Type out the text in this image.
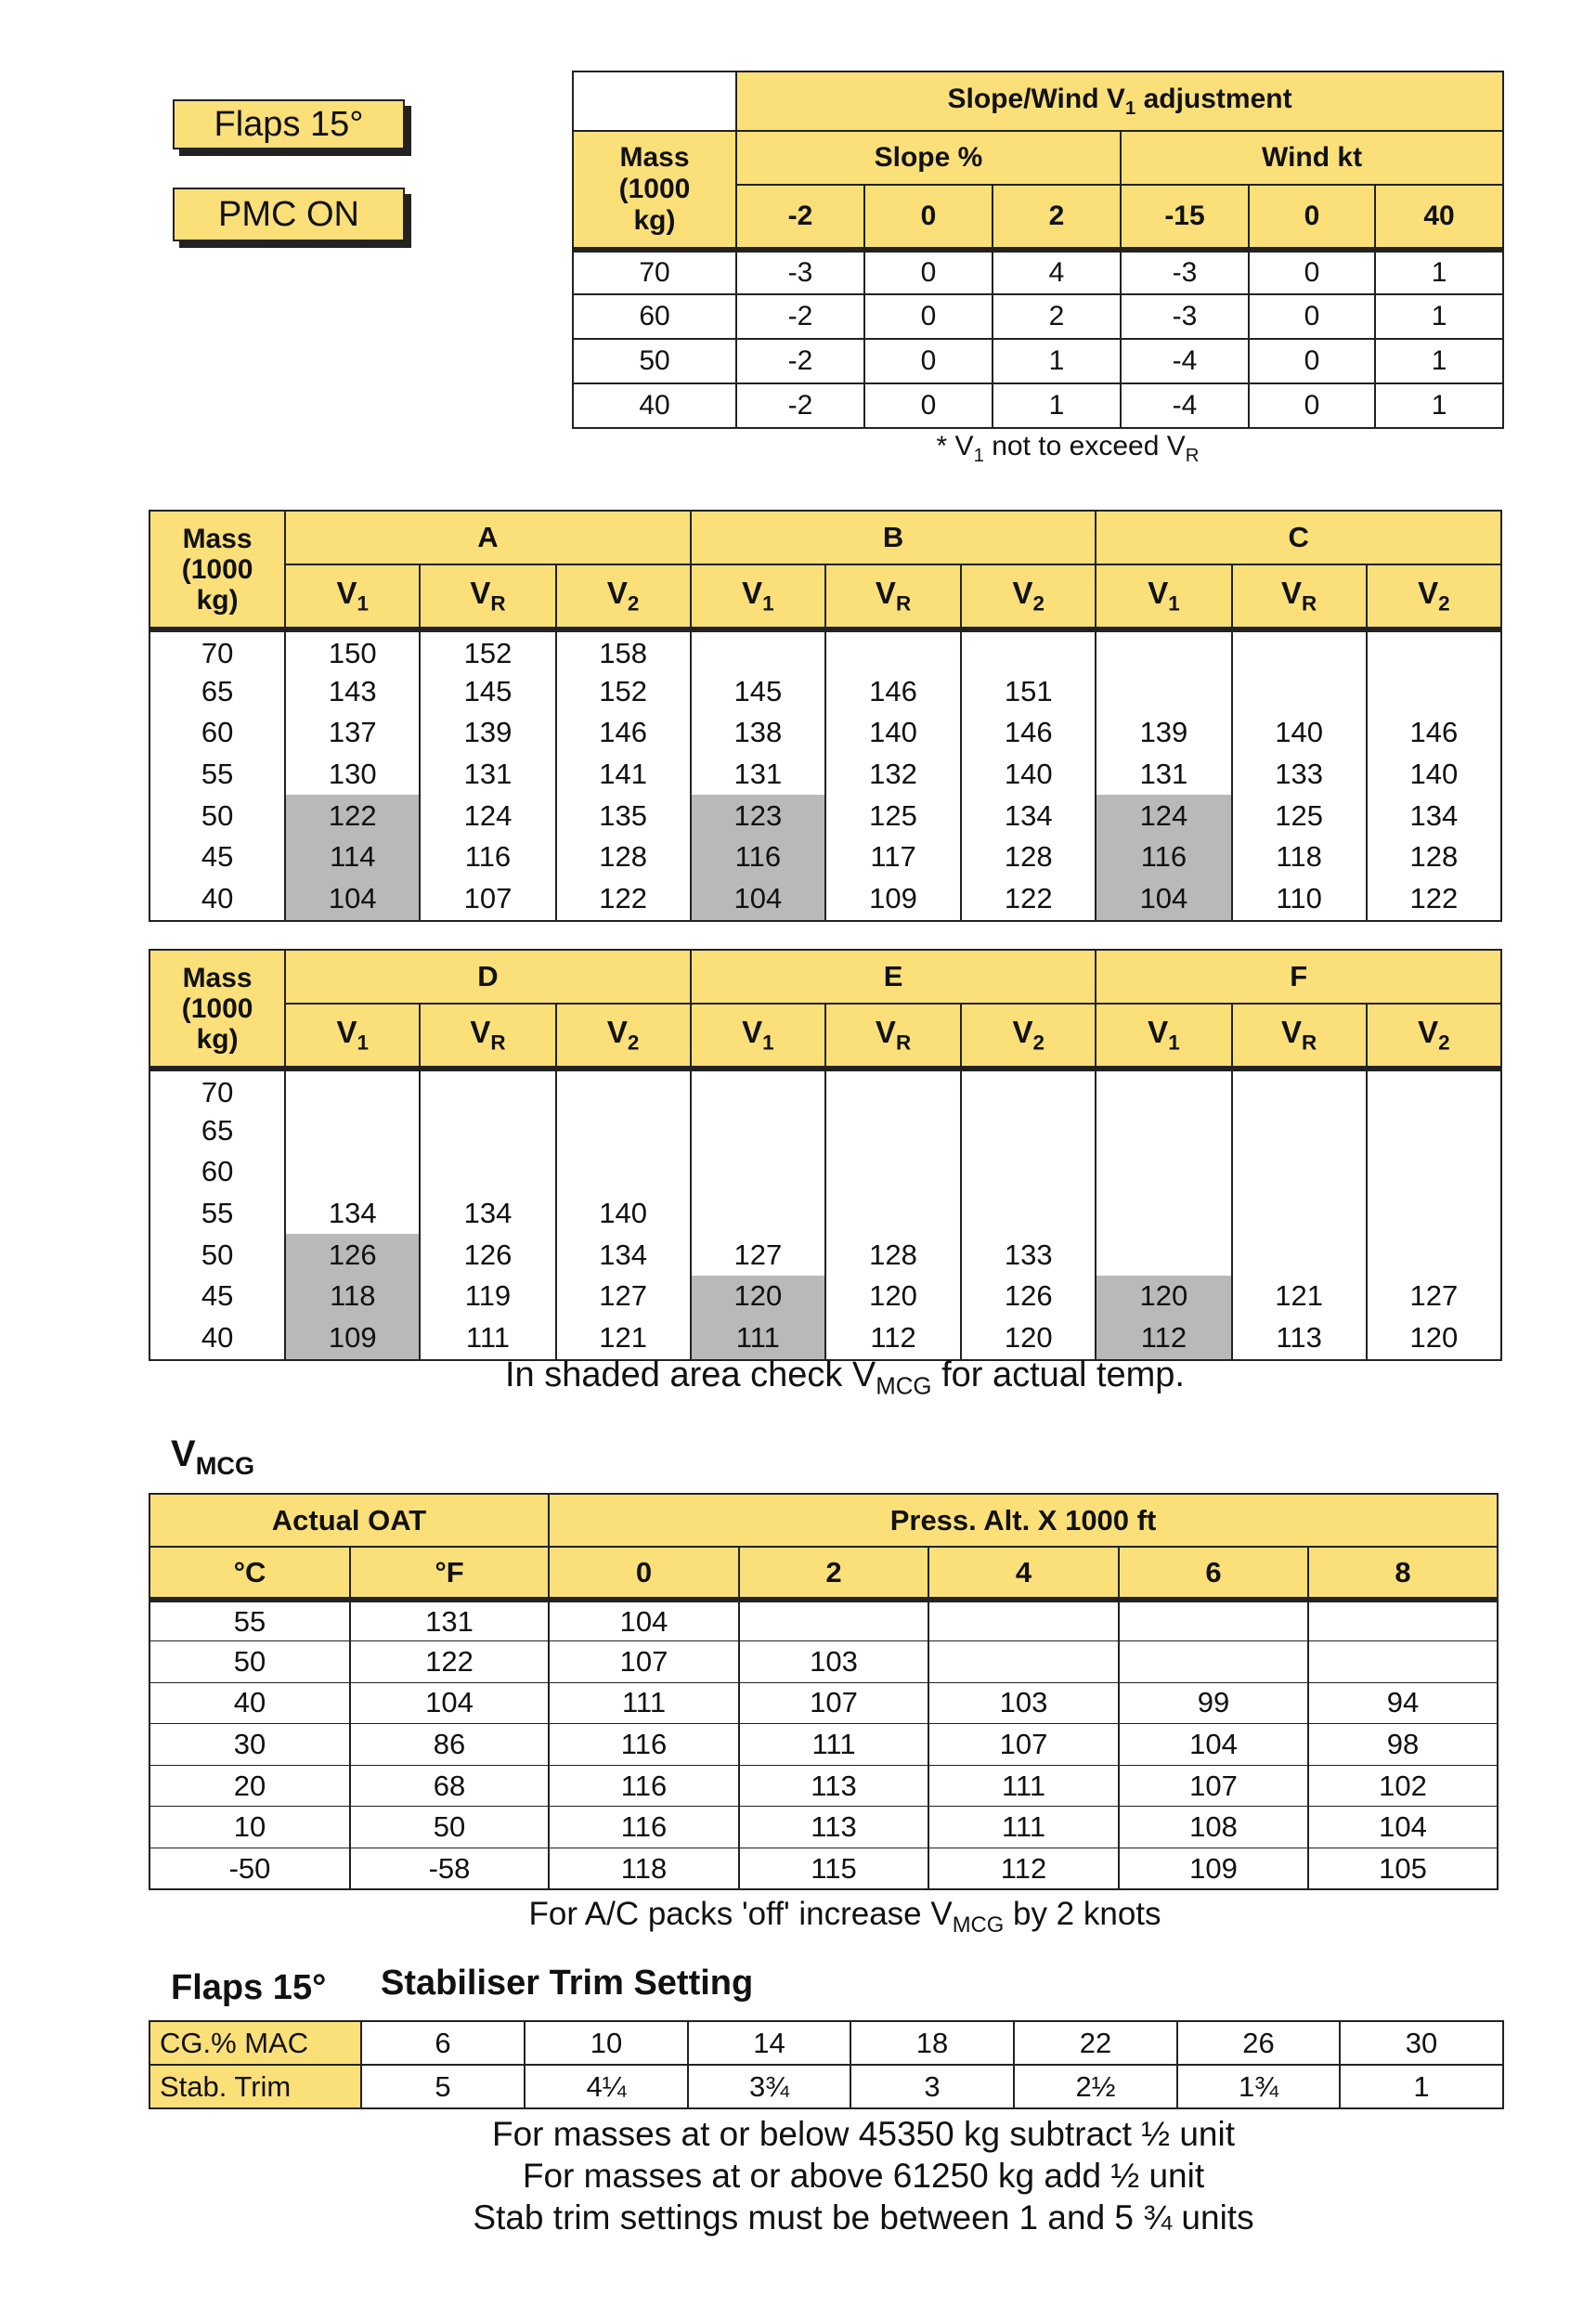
Flaps 15°
PMC ON
	Slope/Wind $V_1$ adjustment					

Mass
(1000
kg)	Slope %			Wind kt		
	-2	0	2	-15	0	40
70	-3	0	4	-3	0	1
60	-2	0	2	-3	0	1
50	-2	0	1	-4	0	1
40	-2	0	1	-4	0	1
* $V_1$ not to exceed $V_R$
Mass
(1000
kg)	A			B			C		
	$V_1$	$V_R$	$V_2$	$V_1$	$V_R$	$V_2$	$V_1$	$V_R$	$V_2$
70	150	152	158						
65	143	145	152	145	146	151			
60	137	139	146	138	140	146	139	140	146
55	130	131	141	131	132	140	131	133	140
50	122	124	135	123	125	134	124	125	134
45	114	116	128	116	117	128	116	118	128
40	104	107	122	104	109	122	104	110	122
Mass
(1000
kg)	D			E			F		
	$V_1$	$V_R$	$V_2$	$V_1$	$V_R$	$V_2$	$V_1$	$V_R$	$V_2$
70									
65									
60									
55	134	134	140						
50	126	126	134	127	128	133			
45	118	119	127	120	120	126	120	121	127
40	109	111	121	111	112	120	112	113	120
In shaded area check $V_{MCG}$ for actual temp.
$V_{MCG}$
Actual OAT		Press. Alt. X 1000 ft				
°C	°F	0	2	4	6	8
55	131	104				
50	122	107	103			
40	104	111	107	103	99	94
30	86	116	111	107	104	98
20	68	116	113	111	107	102
10	50	116	113	111	108	104
-50	-58	118	115	112	109	105
For A/C packs 'off' increase $V_{MCG}$ by 2 knots
Flaps 15° Stabiliser Trim Setting
CG.% MAC	6	10	14	18	22	26	30
Stab. Trim	5	4¼	3¾	3	2½	1¾	1
For masses at or below 45350 kg subtract ½ unit
For masses at or above 61250 kg add ½ unit
Stab trim settings must be between 1 and 5 ¾ units
